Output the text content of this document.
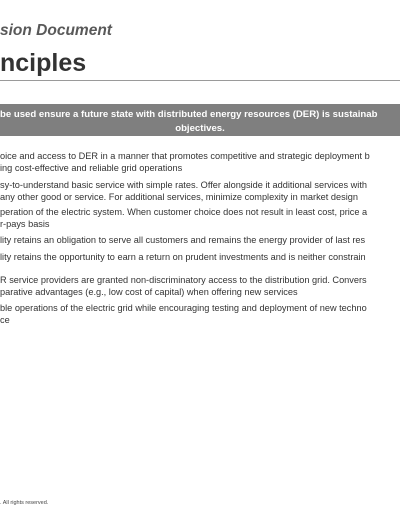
sion Document
nciples
be used ensure a future state with distributed energy resources (DER) is sustainab
objectives.
oice and access to DER in a manner that promotes competitive and strategic deployment b
ing cost-effective and reliable grid operations
sy-to-understand basic service with simple rates. Offer alongside it additional services with
any other good or service. For additional services, minimize complexity in market design
peration of the electric system. When customer choice does not result in least cost, price a
r-pays basis
lity retains an obligation to serve all customers and remains the energy provider of last res
lity retains the opportunity to earn a return on prudent investments and is neither constrain
R service providers are granted non-discriminatory access to the distribution grid. Convers
parative advantages (e.g., low cost of capital) when offering new services
ble operations of the electric grid while encouraging testing and deployment of new techno
ce
. All rights reserved.
